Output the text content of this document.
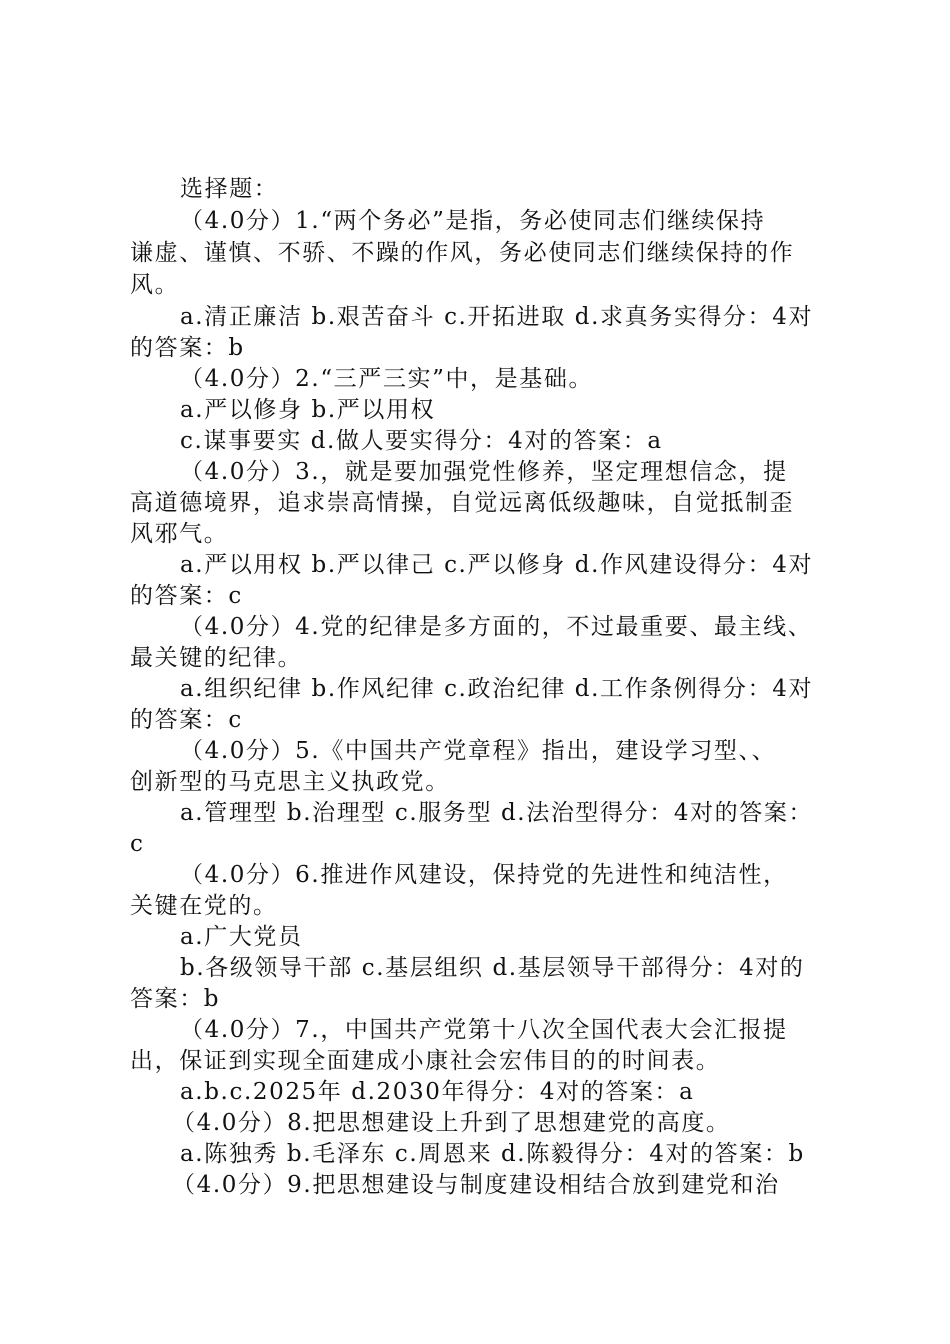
选择题：
（4.0分）1.“两个务必”是指，务必使同志们继续保持
谦虚、谨慎、不骄、不躁的作风，务必使同志们继续保持的作
风。
a.清正廉洁 b.艰苦奋斗 c.开拓进取 d.求真务实得分：4对
的答案：b
（4.0分）2.“三严三实”中，是基础。
a.严以修身 b.严以用权
c.谋事要实 d.做人要实得分：4对的答案：a
（4.0分）3.，就是要加强党性修养，坚定理想信念，提
高道德境界，追求崇高情操，自觉远离低级趣味，自觉抵制歪
风邪气。
a.严以用权 b.严以律己 c.严以修身 d.作风建设得分：4对
的答案：c
（4.0分）4.党的纪律是多方面的，不过最重要、最主线、
最关键的纪律。
a.组织纪律 b.作风纪律 c.政治纪律 d.工作条例得分：4对
的答案：c
（4.0分）5.《中国共产党章程》指出，建设学习型、、
创新型的马克思主义执政党。
a.管理型 b.治理型 c.服务型 d.法治型得分：4对的答案：
c
（4.0分）6.推进作风建设，保持党的先进性和纯洁性，
关键在党的。
a.广大党员
b.各级领导干部 c.基层组织 d.基层领导干部得分：4对的
答案：b
（4.0分）7.，中国共产党第十八次全国代表大会汇报提
出，保证到实现全面建成小康社会宏伟目的的时间表。
a.b.c.2025年 d.2030年得分：4对的答案：a
（4.0分）8.把思想建设上升到了思想建党的高度。
a.陈独秀 b.毛泽东 c.周恩来 d.陈毅得分：4对的答案：b
（4.0分）9.把思想建设与制度建设相结合放到建党和治
